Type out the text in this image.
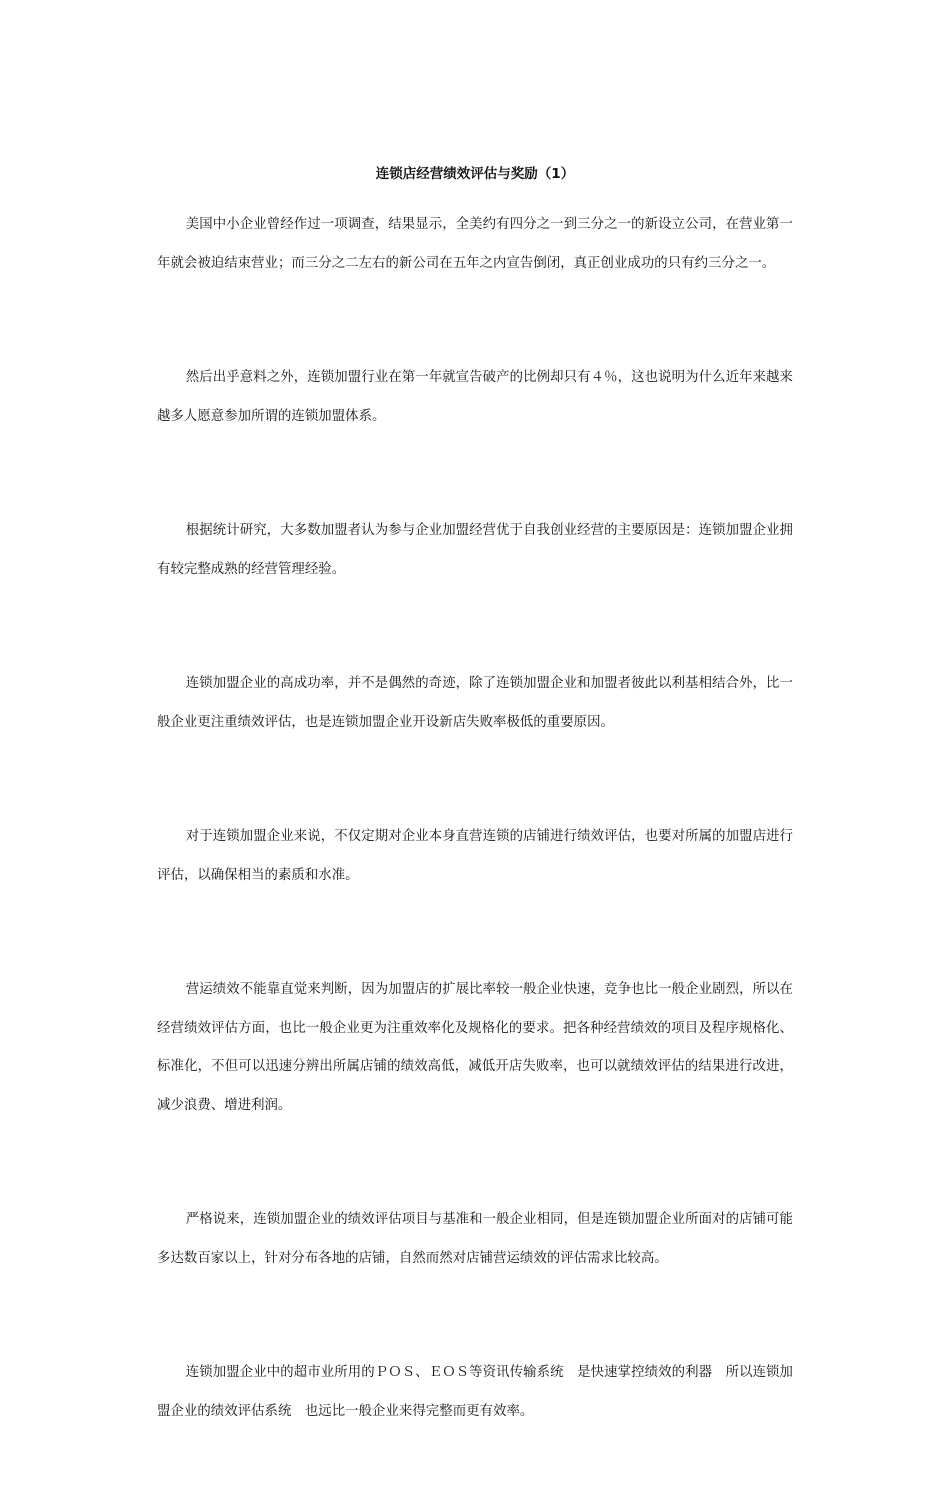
连锁店经营绩效评估与奖励（1）

美国中小企业曾经作过一项调查，结果显示，全美约有四分之一到三分之一的新设立公司，在营业第一年就会被迫结束营业；而三分之二左右的新公司在五年之内宣告倒闭，真正创业成功的只有约三分之一。

然后出乎意料之外，连锁加盟行业在第一年就宣告破产的比例却只有４％，这也说明为什么近年来越来越多人愿意参加所谓的连锁加盟体系。

根据统计研究，大多数加盟者认为参与企业加盟经营优于自我创业经营的主要原因是：连锁加盟企业拥有较完整成熟的经营管理经验。

连锁加盟企业的高成功率，并不是偶然的奇迹，除了连锁加盟企业和加盟者彼此以利基相结合外，比一般企业更注重绩效评估，也是连锁加盟企业开设新店失败率极低的重要原因。

对于连锁加盟企业来说，不仅定期对企业本身直营连锁的店铺进行绩效评估，也要对所属的加盟店进行评估，以确保相当的素质和水准。

营运绩效不能靠直觉来判断，因为加盟店的扩展比率较一般企业快速，竞争也比一般企业剧烈，所以在经营绩效评估方面，也比一般企业更为注重效率化及规格化的要求。把各种经营绩效的项目及程序规格化、标准化，不但可以迅速分辨出所属店铺的绩效高低，减低开店失败率，也可以就绩效评估的结果进行改进，减少浪费、增进利润。

严格说来，连锁加盟企业的绩效评估项目与基准和一般企业相同，但是连锁加盟企业所面对的店铺可能多达数百家以上，针对分布各地的店铺，自然而然对店铺营运绩效的评估需求比较高。

连锁加盟企业中的超市业所用的ＰＯＳ、ＥＯＳ等资讯传输系统　是快速掌控绩效的利器　所以连锁加盟企业的绩效评估系统　也远比一般企业来得完整而更有效率。
